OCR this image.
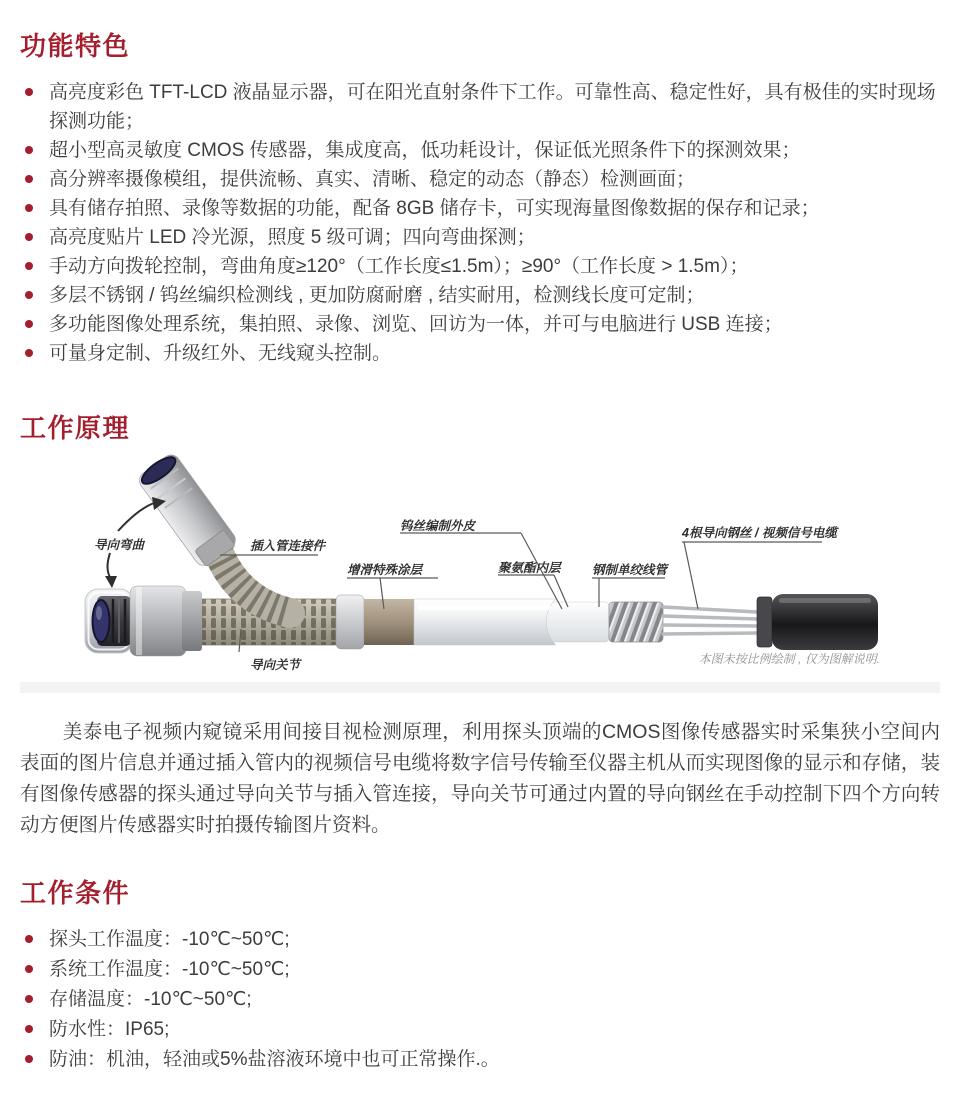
功能特色
高亮度彩色 TFT-LCD 液晶显示器，可在阳光直射条件下工作。可靠性高、稳定性好，具有极佳的实时现场探测功能；
超小型高灵敏度 CMOS 传感器，集成度高，低功耗设计，保证低光照条件下的探测效果；
高分辨率摄像模组，提供流畅、真实、清晰、稳定的动态（静态）检测画面；
具有储存拍照、录像等数据的功能，配备 8GB 储存卡，可实现海量图像数据的保存和记录；
高亮度贴片 LED 冷光源，照度 5 级可调；四向弯曲探测；
手动方向拨轮控制，弯曲角度≥120°（工作长度≤1.5m）；≥90°（工作长度 > 1.5m）；
多层不锈钢 / 钨丝编织检测线 , 更加防腐耐磨 , 结实耐用，检测线长度可定制；
多功能图像处理系统，集拍照、录像、浏览、回访为一体，并可与电脑进行 USB 连接；
可量身定制、升级红外、无线窥头控制。
工作原理
导向弯曲	插入管连接件
钨丝编制外皮
增滑特殊涂层	聚氨酯内层	钢制单绞线管
4根导向钢丝 / 视频信号电缆
导向关节	本图未按比例绘制 , 仅为图解说明.

美泰电子视频内窥镜采用间接目视检测原理，利用探头顶端的CMOS图像传感器实时采集狭小空间内表面的图片信息并通过插入管内的视频信号电缆将数字信号传输至仪器主机从而实现图像的显示和存储，装有图像传感器的探头通过导向关节与插入管连接，导向关节可通过内置的导向钢丝在手动控制下四个方向转动方便图片传感器实时拍摄传输图片资料。

工作条件
探头工作温度：-10℃~50℃;
系统工作温度：-10℃~50℃;
存储温度：-10℃~50℃;
防水性：IP65;
防油：机油，轻油或5%盐溶液环境中也可正常操作.。
